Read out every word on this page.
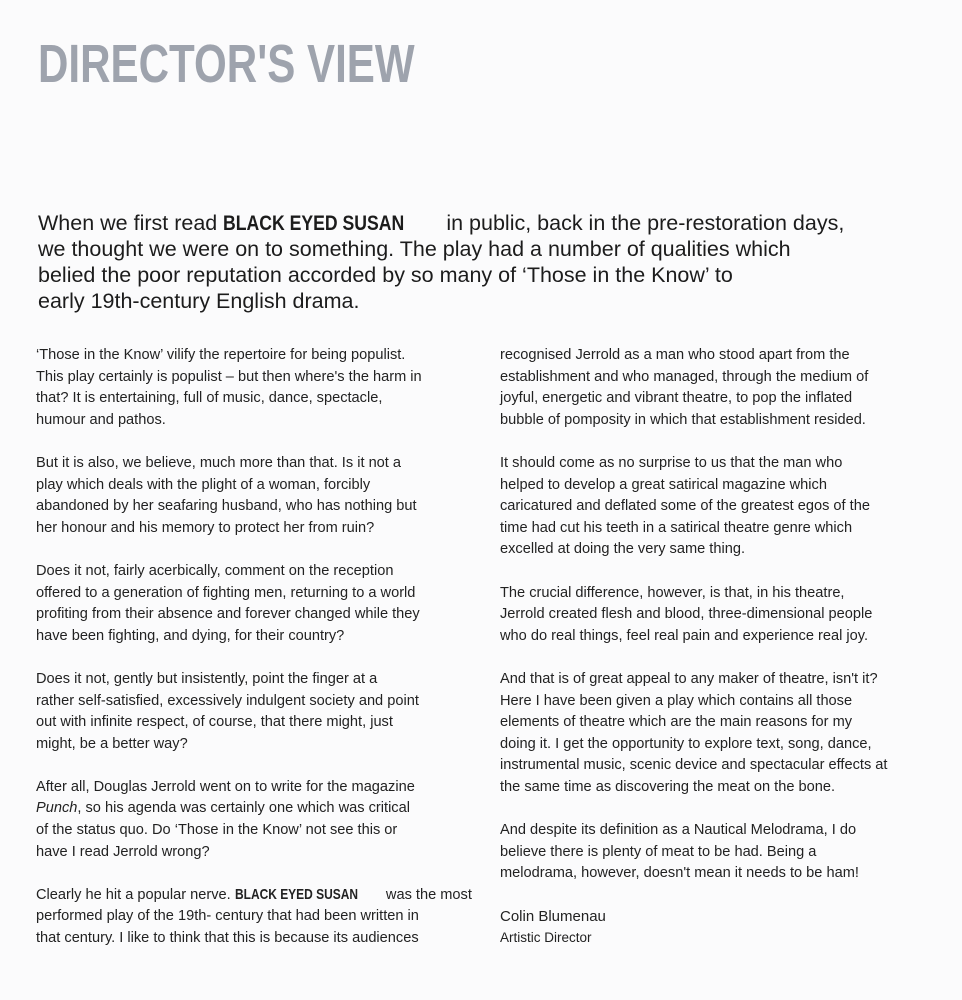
DIRECTOR'S VIEW
When we first read BLACK EYED SUSAN in public, back in the pre-restoration days,
we thought we were on to something. The play had a number of qualities which
belied the poor reputation accorded by so many of ‘Those in the Know’ to
early 19th-century English drama.
‘Those in the Know’ vilify the repertoire for being populist.
This play certainly is populist – but then where's the harm in
that? It is entertaining, full of music, dance, spectacle,
humour and pathos.
But it is also, we believe, much more than that. Is it not a
play which deals with the plight of a woman, forcibly
abandoned by her seafaring husband, who has nothing but
her honour and his memory to protect her from ruin?
Does it not, fairly acerbically, comment on the reception
offered to a generation of fighting men, returning to a world
profiting from their absence and forever changed while they
have been fighting, and dying, for their country?
Does it not, gently but insistently, point the finger at a
rather self-satisfied, excessively indulgent society and point
out with infinite respect, of course, that there might, just
might, be a better way?
After all, Douglas Jerrold went on to write for the magazine
Punch, so his agenda was certainly one which was critical
of the status quo. Do ‘Those in the Know’ not see this or
have I read Jerrold wrong?
Clearly he hit a popular nerve. BLACK EYED SUSAN was the most
performed play of the 19th- century that had been written in
that century. I like to think that this is because its audiences
recognised Jerrold as a man who stood apart from the
establishment and who managed, through the medium of
joyful, energetic and vibrant theatre, to pop the inflated
bubble of pomposity in which that establishment resided.
It should come as no surprise to us that the man who
helped to develop a great satirical magazine which
caricatured and deflated some of the greatest egos of the
time had cut his teeth in a satirical theatre genre which
excelled at doing the very same thing.
The crucial difference, however, is that, in his theatre,
Jerrold created flesh and blood, three-dimensional people
who do real things, feel real pain and experience real joy.
And that is of great appeal to any maker of theatre, isn't it?
Here I have been given a play which contains all those
elements of theatre which are the main reasons for my
doing it. I get the opportunity to explore text, song, dance,
instrumental music, scenic device and spectacular effects at
the same time as discovering the meat on the bone.
And despite its definition as a Nautical Melodrama, I do
believe there is plenty of meat to be had. Being a
melodrama, however, doesn't mean it needs to be ham!
Colin Blumenau
Artistic Director
